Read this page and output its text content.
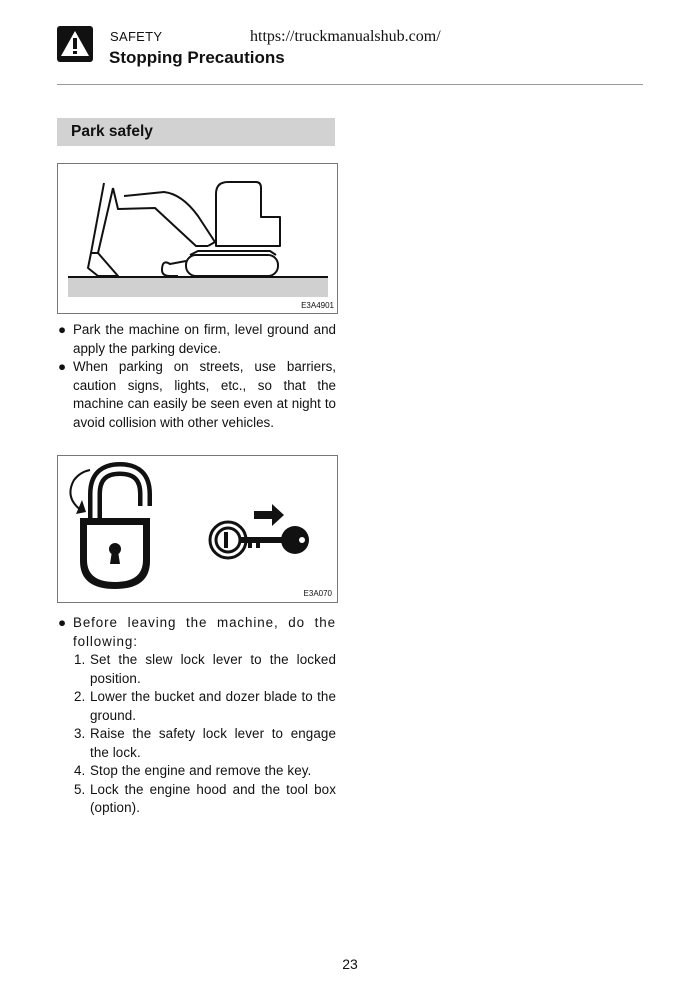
SAFETY	https://truckmanualshub.com/
Stopping Precautions
Park safely
E3A4901
● Park the machine on firm, level ground and apply the parking device.
● When parking on streets, use barriers, caution signs, lights, etc., so that the machine can easily be seen even at night to avoid collision with other vehicles.
E3A070
● Before leaving the machine, do the following:
1. Set the slew lock lever to the locked position.
2. Lower the bucket and dozer blade to the ground.
3. Raise the safety lock lever to engage the lock.
4. Stop the engine and remove the key.
5. Lock the engine hood and the tool box (option).
23
